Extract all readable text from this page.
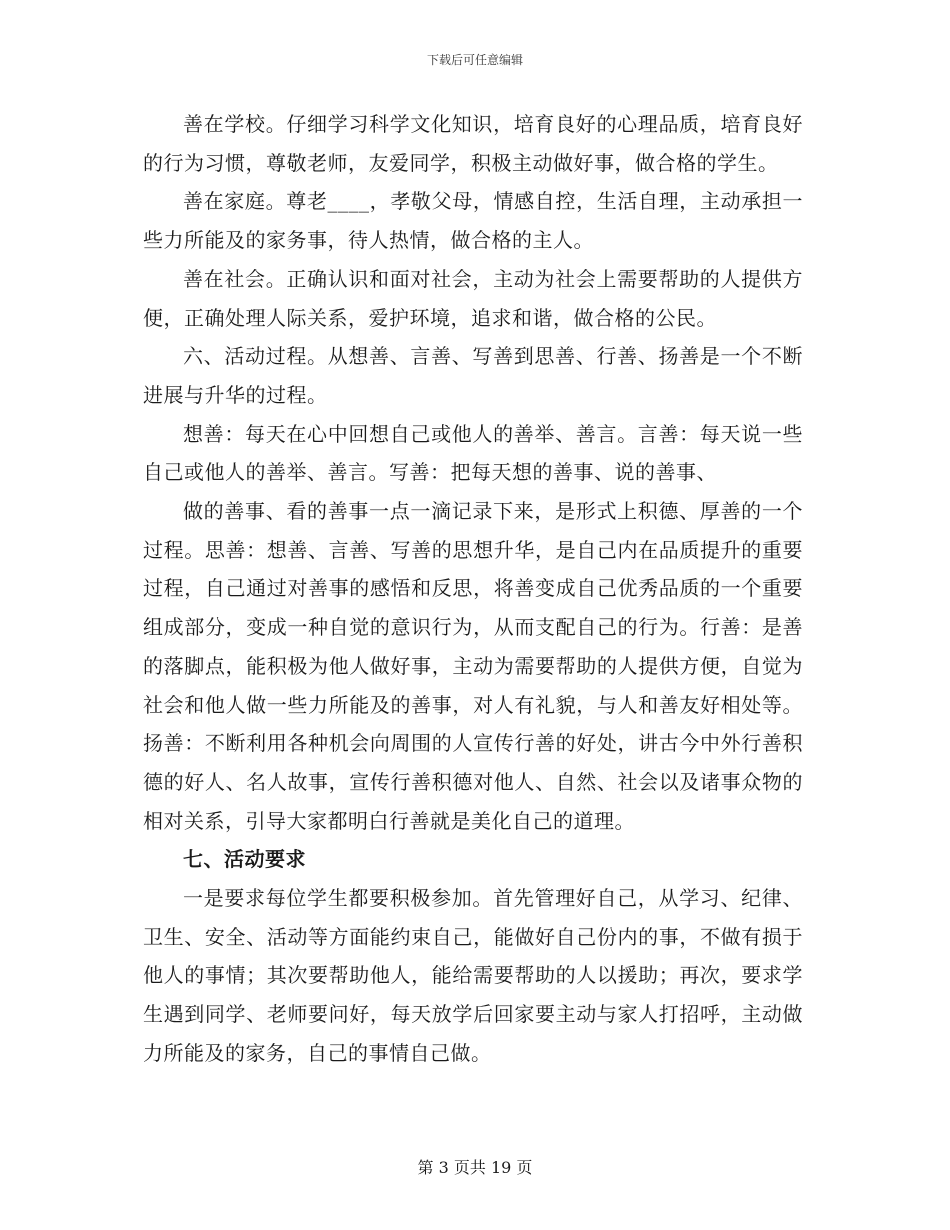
下载后可任意编辑

善在学校。仔细学习科学文化知识，培育良好的心理品质，培育良好的行为习惯，尊敬老师，友爱同学，积极主动做好事，做合格的学生。

善在家庭。尊老____，孝敬父母，情感自控，生活自理，主动承担一些力所能及的家务事，待人热情，做合格的主人。

善在社会。正确认识和面对社会，主动为社会上需要帮助的人提供方便，正确处理人际关系，爱护环境，追求和谐，做合格的公民。

六、活动过程。从想善、言善、写善到思善、行善、扬善是一个不断进展与升华的过程。

想善：每天在心中回想自己或他人的善举、善言。言善：每天说一些自己或他人的善举、善言。写善：把每天想的善事、说的善事、

做的善事、看的善事一点一滴记录下来，是形式上积德、厚善的一个过程。思善：想善、言善、写善的思想升华，是自己内在品质提升的重要过程，自己通过对善事的感悟和反思，将善变成自己优秀品质的一个重要组成部分，变成一种自觉的意识行为，从而支配自己的行为。行善：是善的落脚点，能积极为他人做好事，主动为需要帮助的人提供方便，自觉为社会和他人做一些力所能及的善事，对人有礼貌，与人和善友好相处等。扬善：不断利用各种机会向周围的人宣传行善的好处，讲古今中外行善积德的好人、名人故事，宣传行善积德对他人、自然、社会以及诸事众物的相对关系，引导大家都明白行善就是美化自己的道理。

七、活动要求

一是要求每位学生都要积极参加。首先管理好自己，从学习、纪律、卫生、安全、活动等方面能约束自己，能做好自己份内的事，不做有损于他人的事情；其次要帮助他人，能给需要帮助的人以援助；再次，要求学生遇到同学、老师要问好，每天放学后回家要主动与家人打招呼，主动做力所能及的家务，自己的事情自己做。

第 3 页共 19 页
